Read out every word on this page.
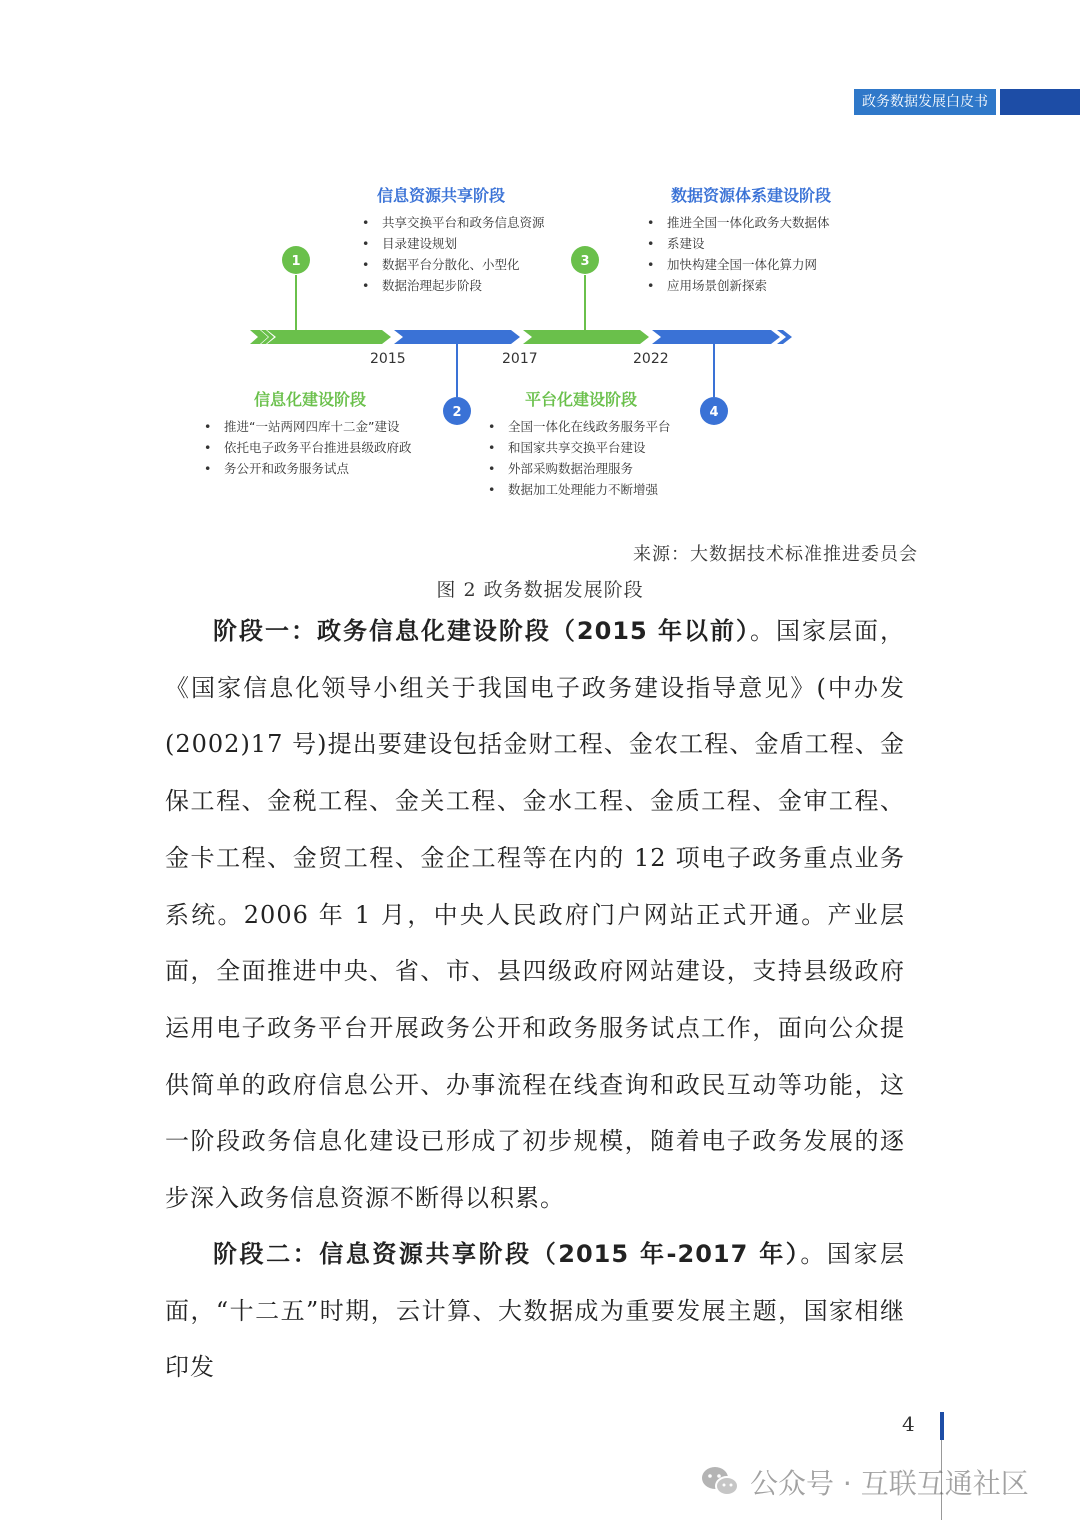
政务数据发展白皮书
1
2
3
4
2015	2017	2022
信息资源共享阶段
• 共享交换平台和政务信息资源
• 目录建设规划
• 数据平台分散化、小型化
• 数据治理起步阶段
数据资源体系建设阶段
• 推进全国一体化政务大数据体
• 系建设
• 加快构建全国一体化算力网
• 应用场景创新探索
信息化建设阶段
• 推进“一站两网四库十二金”建设
• 依托电子政务平台推进县级政府政
• 务公开和政务服务试点
平台化建设阶段
• 全国一体化在线政务服务平台
• 和国家共享交换平台建设
• 外部采购数据治理服务
• 数据加工处理能力不断增强
来源：大数据技术标准推进委员会
图 2 政务数据发展阶段

阶段一：政务信息化建设阶段（2015 年以前）。国家层面，《国家信息化领导小组关于我国电子政务建设指导意见》(中办发(2002)17 号)提出要建设包括金财工程、金农工程、金盾工程、金保工程、金税工程、金关工程、金水工程、金质工程、金审工程、金卡工程、金贸工程、金企工程等在内的 12 项电子政务重点业务系统。2006 年 1 月，中央人民政府门户网站正式开通。产业层面，全面推进中央、省、市、县四级政府网站建设，支持县级政府运用电子政务平台开展政务公开和政务服务试点工作，面向公众提供简单的政府信息公开、办事流程在线查询和政民互动等功能，这一阶段政务信息化建设已形成了初步规模，随着电子政务发展的逐步深入政务信息资源不断得以积累。

阶段二：信息资源共享阶段（2015 年-2017 年）。国家层面，“十二五”时期，云计算、大数据成为重要发展主题，国家相继印发

4
公众号 · 互联互通社区
